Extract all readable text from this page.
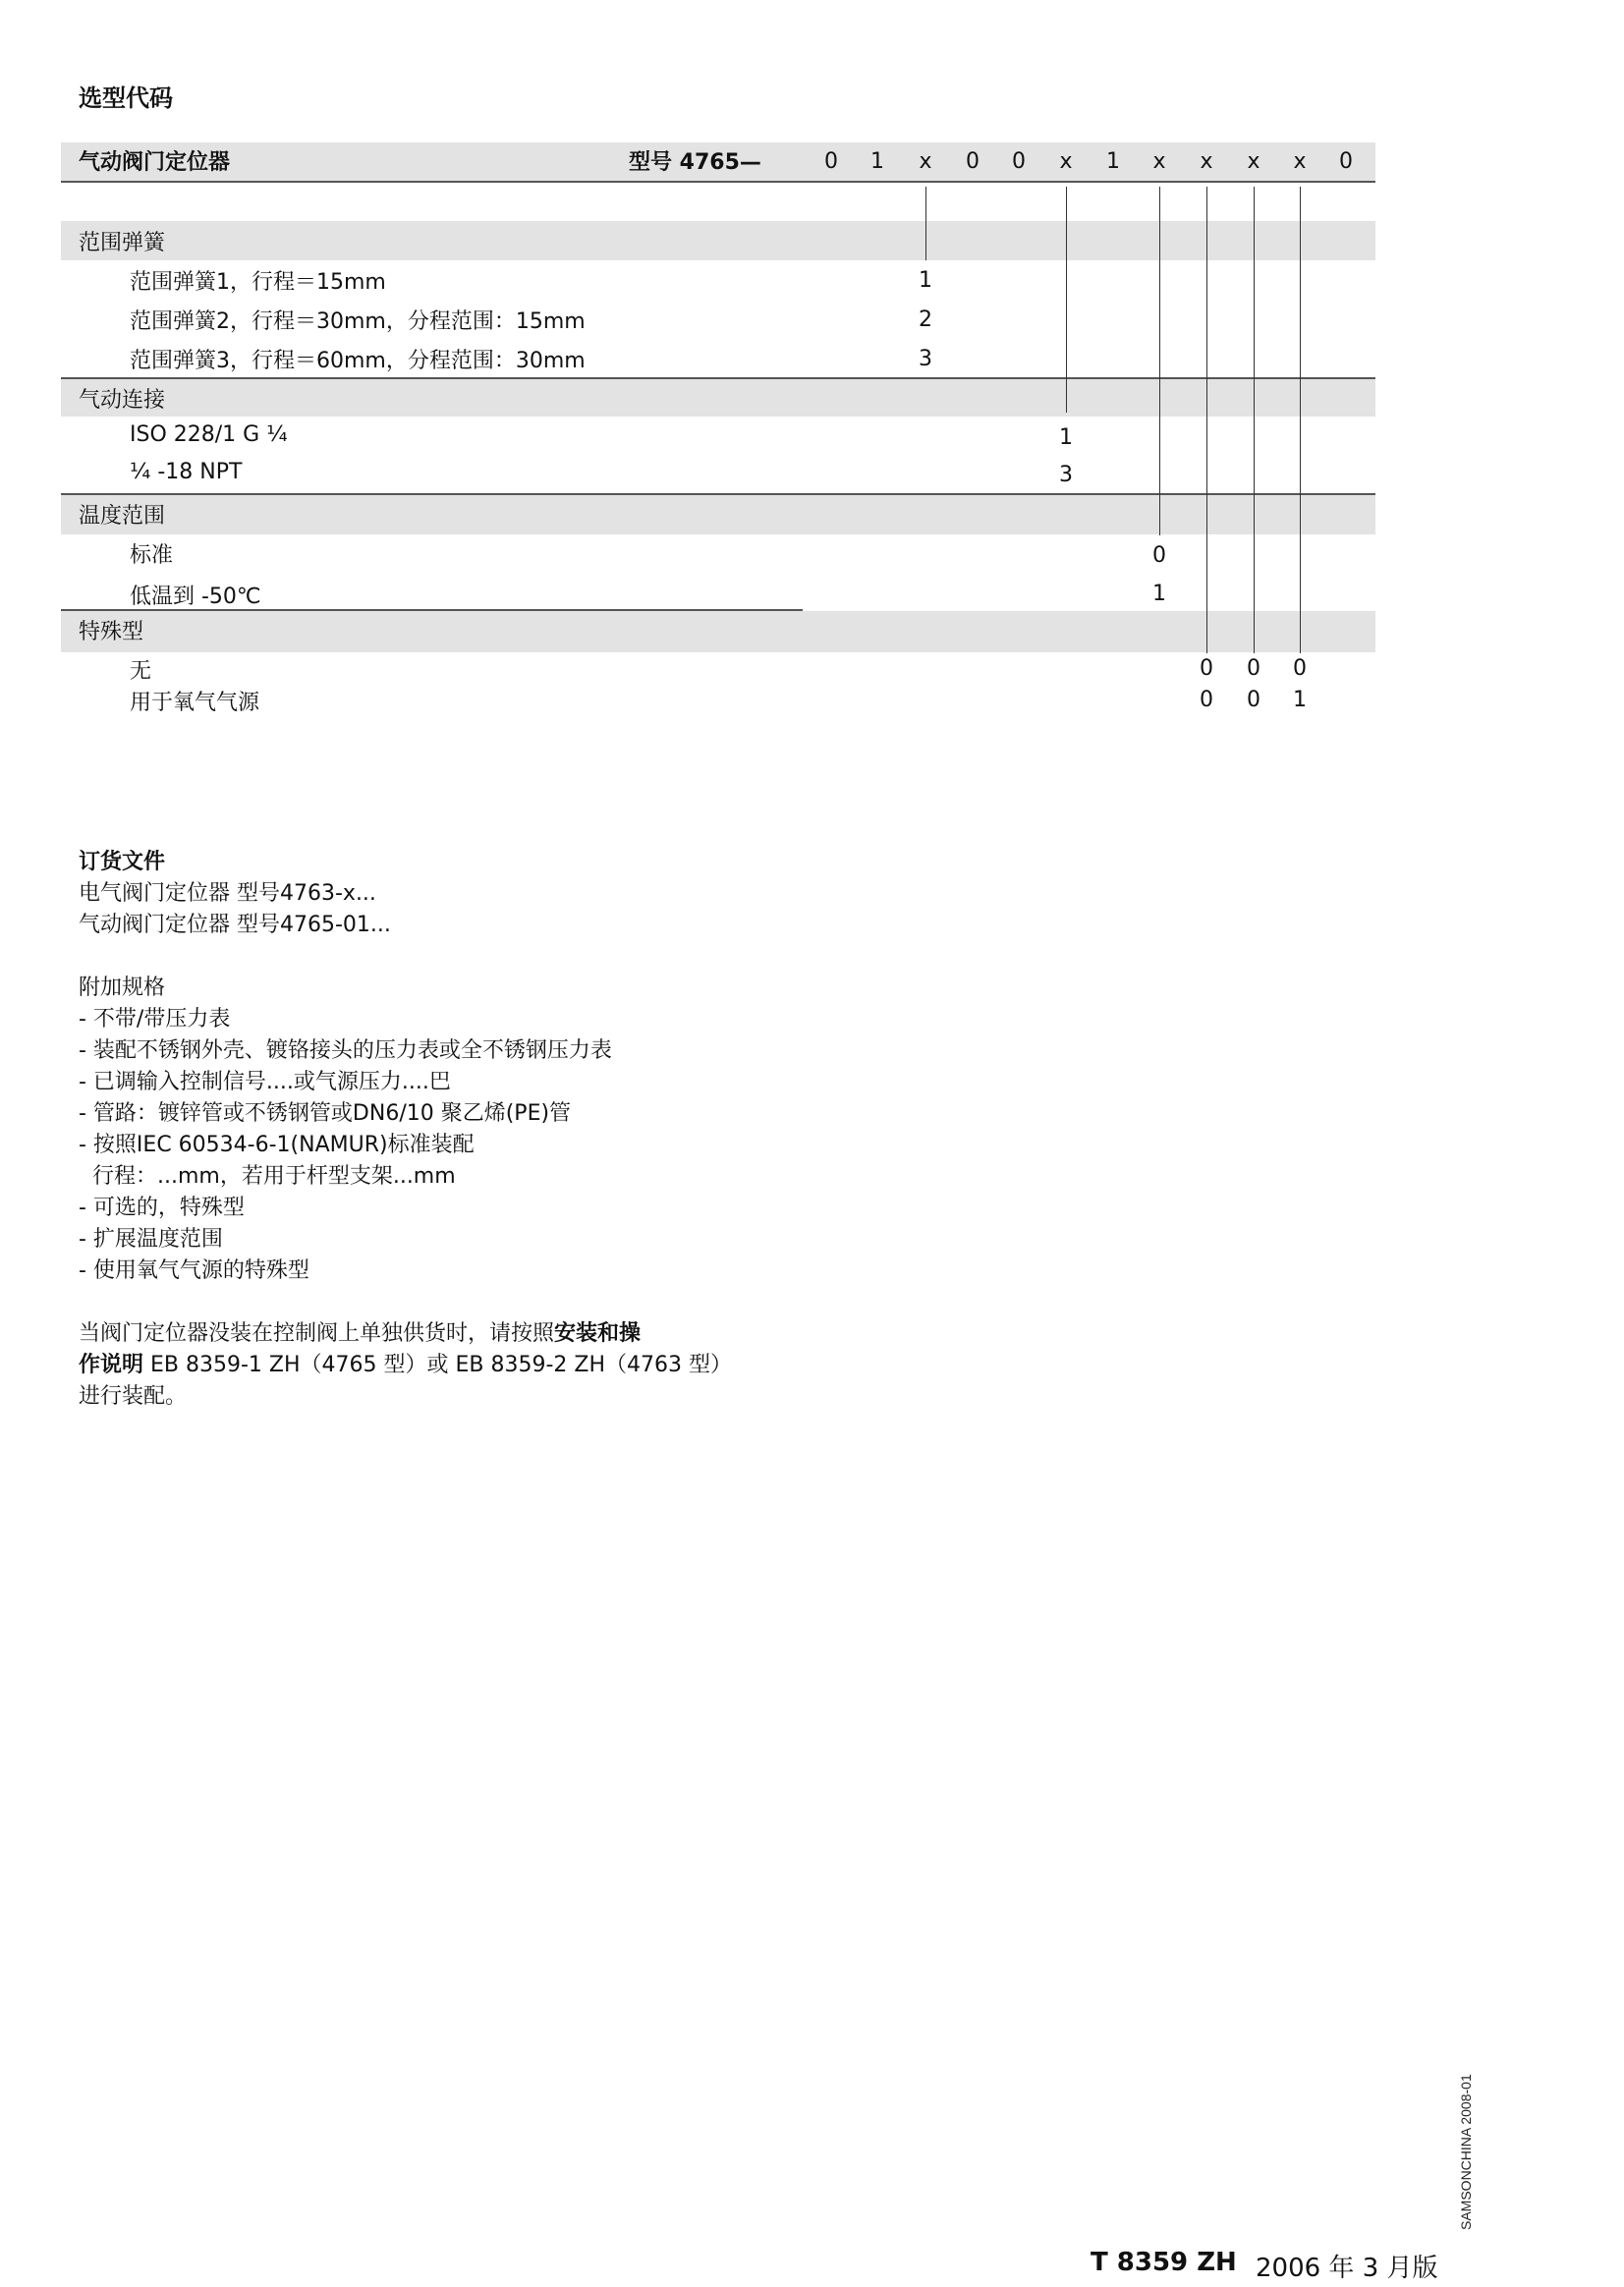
选型代码
气动阀门定位器	型号 4765—	0 1 x 0 0 x 1 x x x x 0
范围弹簧
范围弹簧1，行程＝15mm	1
范围弹簧2，行程＝30mm，分程范围：15mm	2
范围弹簧3，行程＝60mm，分程范围：30mm	3
气动连接
ISO 228/1 G ¼	1
¼ -18 NPT	3
温度范围
标准	0
低温到 -50℃	1
特殊型
无	0 0 0
用于氧气气源	0 0 1
订货文件
电气阀门定位器 型号4763-x...
气动阀门定位器 型号4765-01...
附加规格
- 不带/带压力表
- 装配不锈钢外壳、镀铬接头的压力表或全不锈钢压力表
- 已调输入控制信号....或气源压力....巴
- 管路：镀锌管或不锈钢管或DN6/10 聚乙烯(PE)管
- 按照IEC 60534-6-1(NAMUR)标准装配
行程：...mm，若用于杆型支架...mm
- 可选的，特殊型
- 扩展温度范围
- 使用氧气气源的特殊型
当阀门定位器没装在控制阀上单独供货时，请按照安装和操
作说明 EB 8359-1 ZH（4765 型）或 EB 8359-2 ZH（4763 型）
进行装配。
SAMSONCHINA 2008-01
T 8359 ZH 2006 年 3 月版
